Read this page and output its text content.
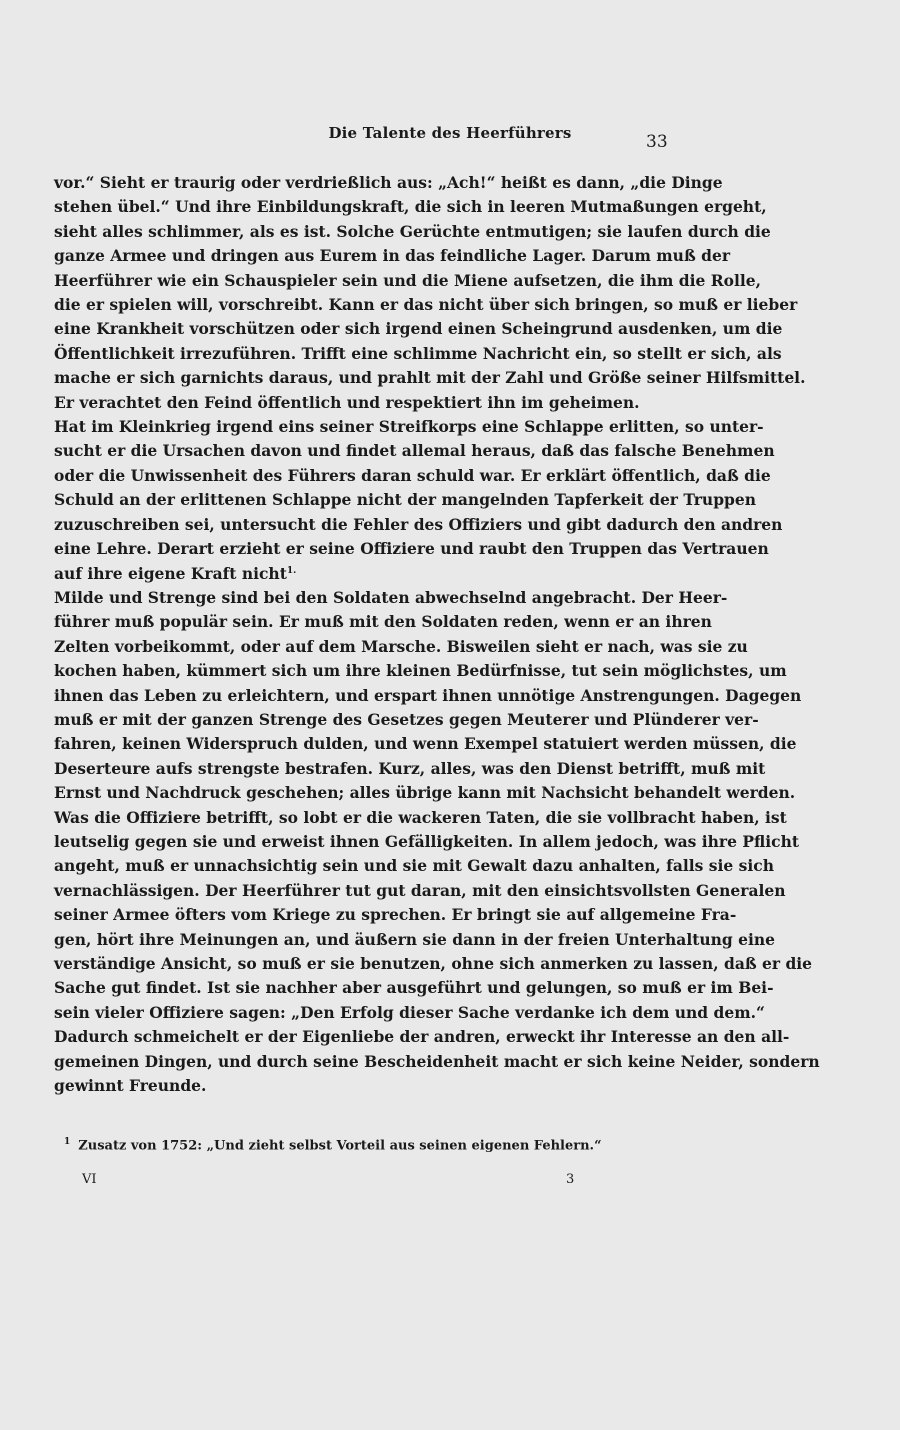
Die Talente des Heerführers	33
vor.“ Sieht er traurig oder verdrießlich aus: „Ach!“ heißt es dann, „die Dinge
stehen übel.“ Und ihre Einbildungskraft, die sich in leeren Mutmaßungen ergeht,
sieht alles schlimmer, als es ist. Solche Gerüchte entmutigen; sie laufen durch die
ganze Armee und dringen aus Eurem in das feindliche Lager. Darum muß der
Heerführer wie ein Schauspieler sein und die Miene aufsetzen, die ihm die Rolle,
die er spielen will, vorschreibt. Kann er das nicht über sich bringen, so muß er lieber
eine Krankheit vorschützen oder sich irgend einen Scheingrund ausdenken, um die
Öffentlichkeit irrezuführen. Trifft eine schlimme Nachricht ein, so stellt er sich, als
mache er sich garnichts daraus, und prahlt mit der Zahl und Größe seiner Hilfsmittel.
Er verachtet den Feind öffentlich und respektiert ihn im geheimen.
Hat im Kleinkrieg irgend eins seiner Streifkorps eine Schlappe erlitten, so unter-
sucht er die Ursachen davon und findet allemal heraus, daß das falsche Benehmen
oder die Unwissenheit des Führers daran schuld war. Er erklärt öffentlich, daß die
Schuld an der erlittenen Schlappe nicht der mangelnden Tapferkeit der Truppen
zuzuschreiben sei, untersucht die Fehler des Offiziers und gibt dadurch den andren
eine Lehre. Derart erzieht er seine Offiziere und raubt den Truppen das Vertrauen
auf ihre eigene Kraft nicht$^{1.}$
Milde und Strenge sind bei den Soldaten abwechselnd angebracht. Der Heer-
führer muß populär sein. Er muß mit den Soldaten reden, wenn er an ihren
Zelten vorbeikommt, oder auf dem Marsche. Bisweilen sieht er nach, was sie zu
kochen haben, kümmert sich um ihre kleinen Bedürfnisse, tut sein möglichstes, um
ihnen das Leben zu erleichtern, und erspart ihnen unnötige Anstrengungen. Dagegen
muß er mit der ganzen Strenge des Gesetzes gegen Meuterer und Plünderer ver-
fahren, keinen Widerspruch dulden, und wenn Exempel statuiert werden müssen, die
Deserteure aufs strengste bestrafen. Kurz, alles, was den Dienst betrifft, muß mit
Ernst und Nachdruck geschehen; alles übrige kann mit Nachsicht behandelt werden.
Was die Offiziere betrifft, so lobt er die wackeren Taten, die sie vollbracht haben, ist
leutselig gegen sie und erweist ihnen Gefälligkeiten. In allem jedoch, was ihre Pflicht
angeht, muß er unnachsichtig sein und sie mit Gewalt dazu anhalten, falls sie sich
vernachlässigen. Der Heerführer tut gut daran, mit den einsichtsvollsten Generalen
seiner Armee öfters vom Kriege zu sprechen. Er bringt sie auf allgemeine Fra-
gen, hört ihre Meinungen an, und äußern sie dann in der freien Unterhaltung eine
verständige Ansicht, so muß er sie benutzen, ohne sich anmerken zu lassen, daß er die
Sache gut findet. Ist sie nachher aber ausgeführt und gelungen, so muß er im Bei-
sein vieler Offiziere sagen: „Den Erfolg dieser Sache verdanke ich dem und dem.“
Dadurch schmeichelt er der Eigenliebe der andren, erweckt ihr Interesse an den all-
gemeinen Dingen, und durch seine Bescheidenheit macht er sich keine Neider, sondern
gewinnt Freunde.
$^1$ Zusatz von 1752: „Und zieht selbst Vorteil aus seinen eigenen Fehlern.“
VI	3
